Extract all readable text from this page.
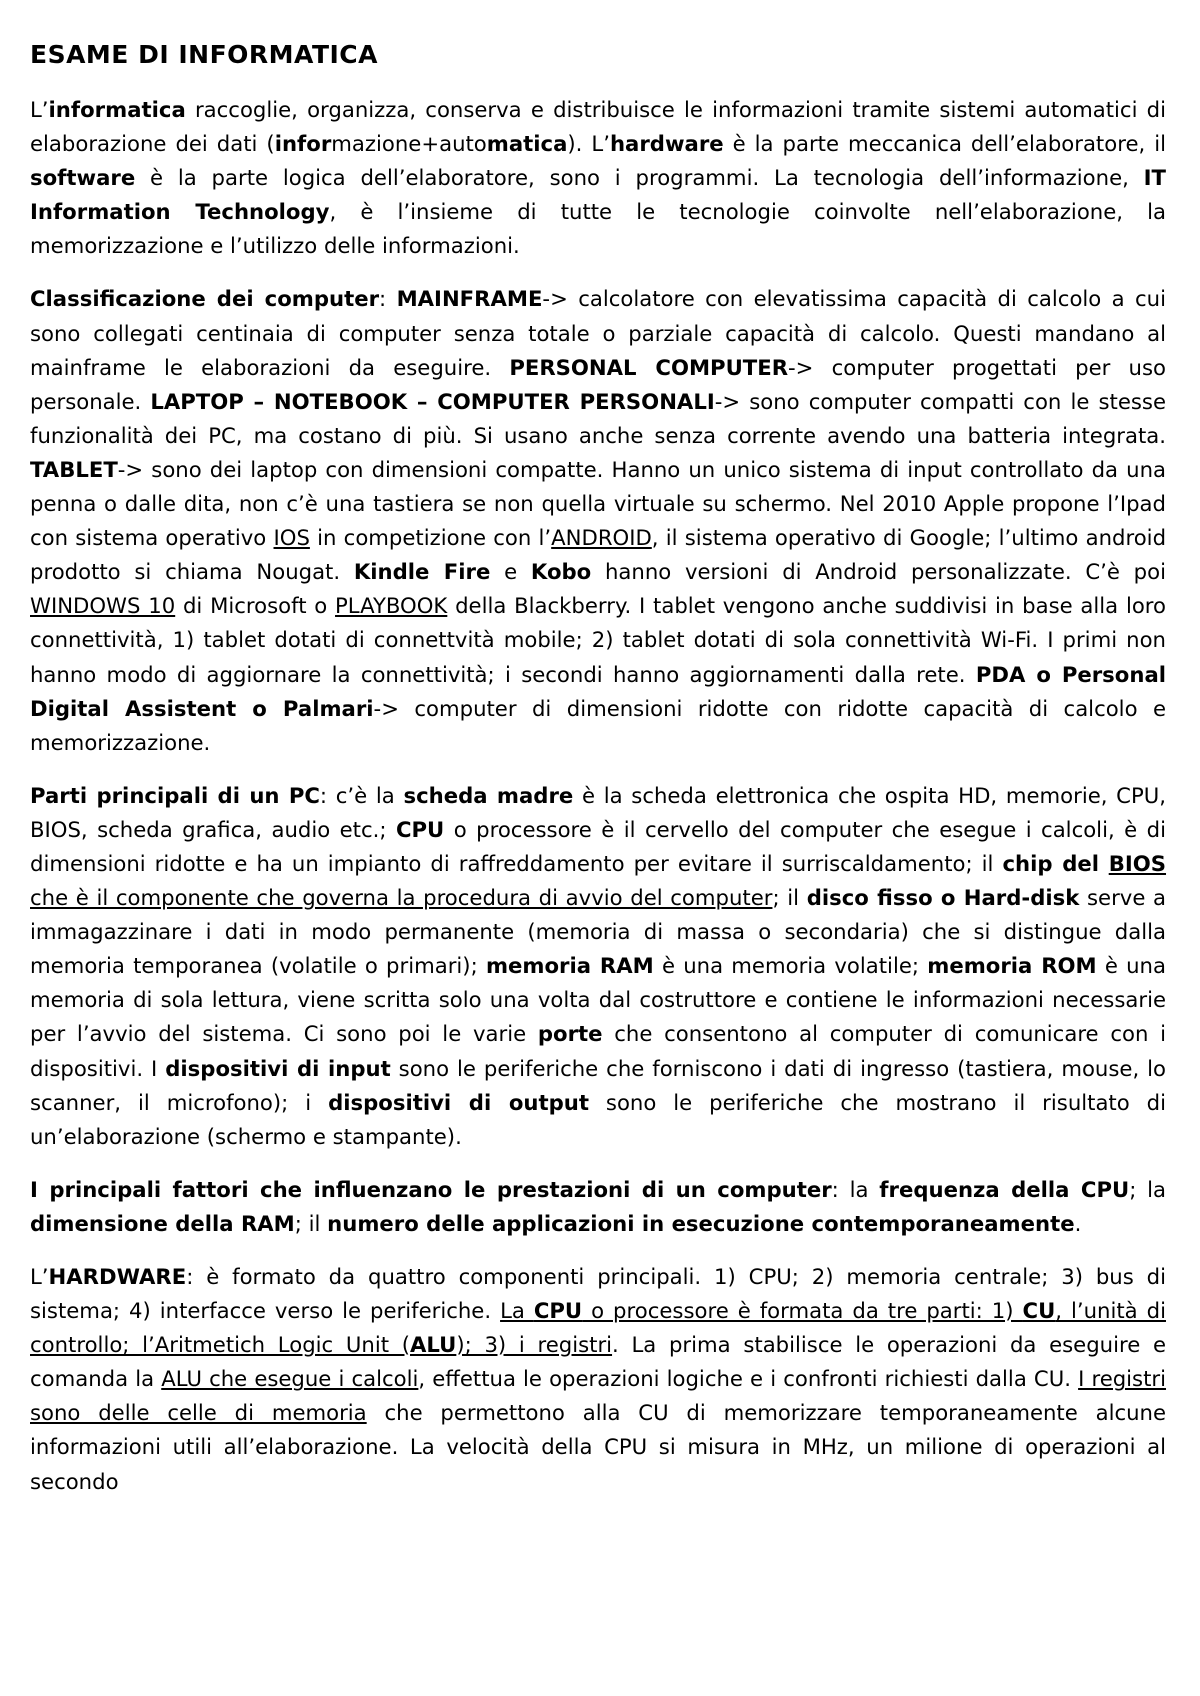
ESAME DI INFORMATICA

L’informatica raccoglie, organizza, conserva e distribuisce le informazioni tramite sistemi automatici di elaborazione dei dati (informazione+automatica). L’hardware è la parte meccanica dell’elaboratore, il software è la parte logica dell’elaboratore, sono i programmi. La tecnologia dell’informazione, IT Information Technology, è l’insieme di tutte le tecnologie coinvolte nell’elaborazione, la memorizzazione e l’utilizzo delle informazioni.

Classificazione dei computer: MAINFRAME-> calcolatore con elevatissima capacità di calcolo a cui sono collegati centinaia di computer senza totale o parziale capacità di calcolo. Questi mandano al mainframe le elaborazioni da eseguire. PERSONAL COMPUTER-> computer progettati per uso personale. LAPTOP – NOTEBOOK – COMPUTER PERSONALI-> sono computer compatti con le stesse funzionalità dei PC, ma costano di più. Si usano anche senza corrente avendo una batteria integrata. TABLET-> sono dei laptop con dimensioni compatte. Hanno un unico sistema di input controllato da una penna o dalle dita, non c’è una tastiera se non quella virtuale su schermo. Nel 2010 Apple propone l’Ipad con sistema operativo IOS in competizione con l’ANDROID, il sistema operativo di Google; l’ultimo android prodotto si chiama Nougat. Kindle Fire e Kobo hanno versioni di Android personalizzate. C’è poi WINDOWS 10 di Microsoft o PLAYBOOK della Blackberry. I tablet vengono anche suddivisi in base alla loro connettività, 1) tablet dotati di connettvità mobile; 2) tablet dotati di sola connettività Wi-Fi. I primi non hanno modo di aggiornare la connettività; i secondi hanno aggiornamenti dalla rete. PDA o Personal Digital Assistent o Palmari-> computer di dimensioni ridotte con ridotte capacità di calcolo e memorizzazione.

Parti principali di un PC: c’è la scheda madre è la scheda elettronica che ospita HD, memorie, CPU, BIOS, scheda grafica, audio etc.; CPU o processore è il cervello del computer che esegue i calcoli, è di dimensioni ridotte e ha un impianto di raffreddamento per evitare il surriscaldamento; il chip del BIOS che è il componente che governa la procedura di avvio del computer; il disco fisso o Hard-disk serve a immagazzinare i dati in modo permanente (memoria di massa o secondaria) che si distingue dalla memoria temporanea (volatile o primari); memoria RAM è una memoria volatile; memoria ROM è una memoria di sola lettura, viene scritta solo una volta dal costruttore e contiene le informazioni necessarie per l’avvio del sistema. Ci sono poi le varie porte che consentono al computer di comunicare con i dispositivi. I dispositivi di input sono le periferiche che forniscono i dati di ingresso (tastiera, mouse, lo scanner, il microfono); i dispositivi di output sono le periferiche che mostrano il risultato di un’elaborazione (schermo e stampante).

I principali fattori che influenzano le prestazioni di un computer: la frequenza della CPU; la dimensione della RAM; il numero delle applicazioni in esecuzione contemporaneamente.

L’HARDWARE: è formato da quattro componenti principali. 1) CPU; 2) memoria centrale; 3) bus di sistema; 4) interfacce verso le periferiche. La CPU o processore è formata da tre parti: 1) CU, l’unità di controllo; l’Aritmetich Logic Unit (ALU); 3) i registri. La prima stabilisce le operazioni da eseguire e comanda la ALU che esegue i calcoli, effettua le operazioni logiche e i confronti richiesti dalla CU. I registri sono delle celle di memoria che permettono alla CU di memorizzare temporaneamente alcune informazioni utili all’elaborazione. La velocità della CPU si misura in MHz, un milione di operazioni al secondo
